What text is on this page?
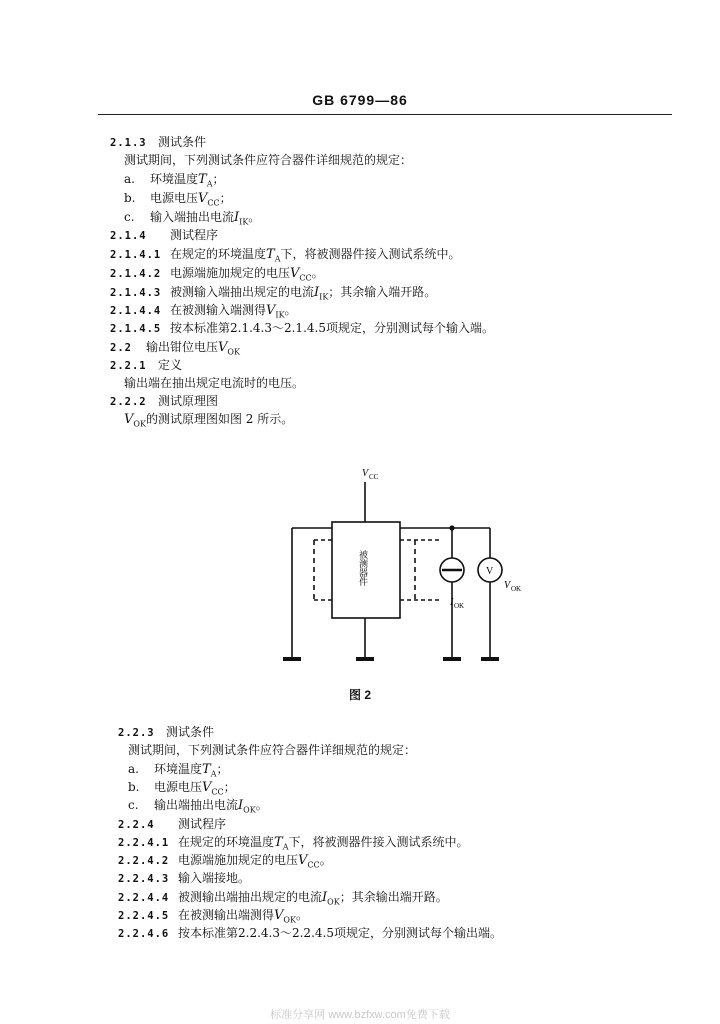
GB 6799—86
2.1.3 测试条件
测试期间，下列测试条件应符合器件详细规范的规定：
a. 环境温度$T_A$；
b. 电源电压$V_{CC}$；
c. 输入端抽出电流$I_{IK}$。
2.1.4 测试程序
2.1.4.1 在规定的环境温度$T_A$下，将被测器件接入测试系统中。
2.1.4.2 电源端施加规定的电压$V_{CC}$。
2.1.4.3 被测输入端抽出规定的电流$I_{IK}$；其余输入端开路。
2.1.4.4 在被测输入端测得$V_{IK}$。
2.1.4.5 按本标准第2.1.4.3～2.1.4.5项规定，分别测试每个输入端。
2.2 输出钳位电压$V_{OK}$
2.2.1 定义
输出端在抽出规定电流时的电压。
2.2.2 测试原理图
$V_{OK}$的测试原理图如图 2 所示。
V CC
V
I OK
V OK
被测器件
图 2
2.2.3 测试条件
测试期间，下列测试条件应符合器件详细规范的规定：
a. 环境温度$T_A$；
b. 电源电压$V_{CC}$；
c. 输出端抽出电流$I_{OK}$。
2.2.4 测试程序
2.2.4.1 在规定的环境温度$T_A$下，将被测器件接入测试系统中。
2.2.4.2 电源端施加规定的电压$V_{CC}$。
2.2.4.3 输入端接地。
2.2.4.4 被测输出端抽出规定的电流$I_{OK}$；其余输出端开路。
2.2.4.5 在被测输出端测得$V_{OK}$。
2.2.4.6 按本标准第2.2.4.3～2.2.4.5项规定，分别测试每个输出端。
标准分享网 www.bzfxw.com免费下载
